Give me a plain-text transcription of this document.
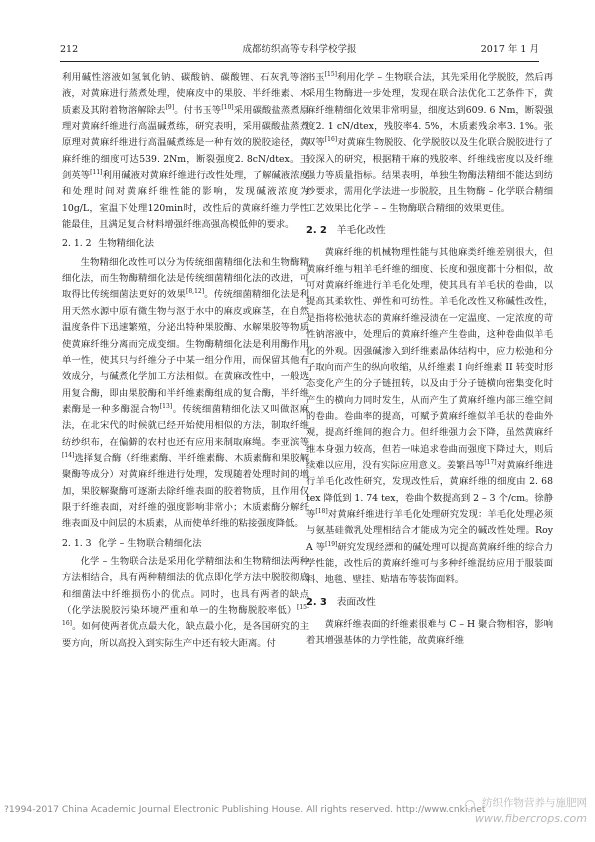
212	成都纺织高等专科学校学报	2017 年 1 月

利用碱性溶液如氢氧化钠、碳酸钠、碳酸锂、石灰乳等溶液，对黄麻进行蒸煮处理，使麻皮中的果胶、半纤维素、木质素及其附着物溶解除去[9]。付书玉等[10]采用碳酸盐蒸煮原理对黄麻纤维进行高温碱煮练，研究表明，采用碳酸盐蒸煮原理对黄麻纤维进行高温碱煮练是一种有效的脱胶途径，黄麻纤维的细度可达539. 2Nm，断裂强度2. 8cN/dtex。王剑英等[11]利用碱液对黄麻纤维进行改性处理，了解碱液浓度和处理时间对黄麻纤维性能的影响，发现碱液浓度为10g/L，室温下处理120min时，改性后的黄麻纤维力学性能最佳，且满足复合材料增强纤维高强高模低伸的要求。

2. 1. 2 生物精细化法

生物精细化改性可以分为传统细菌精细化法和生物酶精细化法，而生物酶精细化法是传统细菌精细化法的改进，可取得比传统细菌法更好的效果[8,12]。传统细菌精细化法是利用天然水源中原有微生物与沤于水中的麻皮或麻茎，在自然温度条件下迅速繁殖，分泌出特种果胶酶、水解果胶等物质使黄麻纤维分离而完成变细。生物酶精细化法是利用酶作用单一性，使其只与纤维分子中某一组分作用，而保留其他有效成分，与碱煮化学加工方法相似。在黄麻改性中，一般选用复合酶，即由果胶酶和半纤维素酶组成的复合酶，半纤维素酶是一种多酶混合物[13]。传统细菌精细化法又叫做沤麻法，在北宋代的时候就已经开始使用相似的方法，制取纤维纺纱织布，在偏僻的农村也还有应用来制取麻绳。李亚滨等[14]选择复合酶（纤维素酶、半纤维素酶、木质素酶和果胶解聚酶等成分）对黄麻纤维进行处理，发现随着处理时间的增加，果胶解聚酶可逐渐去除纤维表面的胶着物质，且作用仅限于纤维表面，对纤维的强度影响非常小；木质素酶分解纤维表面及中间层的木质素，从而使单纤维的粘接强度降低。

2. 1. 3 化学 – 生物联合精细化法

化学 – 生物联合法是采用化学精细法和生物精细法两种方法相结合，具有两种精细法的优点即化学方法中脱胶彻底和细菌法中纤维损伤小的优点。同时，也具有两者的缺点（化学法脱胶污染环境严重和单一的生物酶脱胶率低）[15-16]。如何使两者优点最大化，缺点最小化，是各国研究的主要方向，所以高投入到实际生产中还有较大距离。付

书玉[15]利用化学 – 生物联合法，其先采用化学脱胶，然后再采用生物酶进一步处理，发现在联合法优化工艺条件下，黄麻纤维精细化效果非常明显，细度达到609. 6 Nm，断裂强度2. 1 cN/dtex，残胶率4. 5%，木质素残余率3. 1%。张双等[16]对黄麻生物脱胶、化学脱胶以及生化联合脱胶进行了较深入的研究，根据精干麻的残胶率、纤维线密度以及纤维强力等质量指标。结果表明，单独生物酶法精细不能达到纺纱要求，需用化学法进一步脱胶，且生物酶 – 化学联合精细工艺效果比化学 – – 生物酶联合精细的效果更佳。

2. 2 羊毛化改性

黄麻纤维的机械物理性能与其他麻类纤维差别很大，但黄麻纤维与粗羊毛纤维的细度、长度和强度都十分相似，故可对黄麻纤维进行羊毛化处理，使其具有羊毛状的卷曲，以提高其柔软性、弹性和可纺性。羊毛化改性又称碱性改性，是指将松弛状态的黄麻纤维浸渍在一定温度、一定浓度的苛性钠溶液中，处理后的黄麻纤维产生卷曲，这种卷曲似羊毛化的外观。因强碱渗入到纤维素晶体结构中，应力松弛和分子取向而产生的纵向收缩，从纤维素 I 向纤维素 II 转变时形态变化产生的分子链扭转，以及由于分子链横向密集变化时产生的横向力同时发生，从而产生了黄麻纤维内部三维空间的卷曲。卷曲率的提高，可赋予黄麻纤维似羊毛状的卷曲外观，提高纤维间的抱合力。但纤维强力会下降，虽然黄麻纤维本身强力较高，但若一味追求卷曲而强度下降过大，则后续难以应用，没有实际应用意义。姜繁昌等[17]对黄麻纤维进行羊毛化改性研究，发现改性后，黄麻纤维的细度由 2. 68 tex 降低到 1. 74 tex，卷曲个数提高到 2 – 3 个/cm。徐静等[18]对黄麻纤维进行羊毛化处理研究发现：羊毛化处理必须与氨基硅微乳处理相结合才能成为完全的碱改性处理。Roy A 等[19]研究发现经漂和的碱处理可以提高黄麻纤维的综合力学性能，改性后的黄麻纤维可与多种纤维混纺应用于服装面料、地毯、壁挂、贴墙布等装饰面料。

2. 3 表面改性

黄麻纤维表面的纤维素很难与 C – H 聚合物相容，影响着其增强基体的力学性能，故黄麻纤维

?1994-2017 China Academic Journal Electronic Publishing House. All rights reserved. http://www.cnki.net
纺织作物营养与施肥网
www.fibercrops.com
